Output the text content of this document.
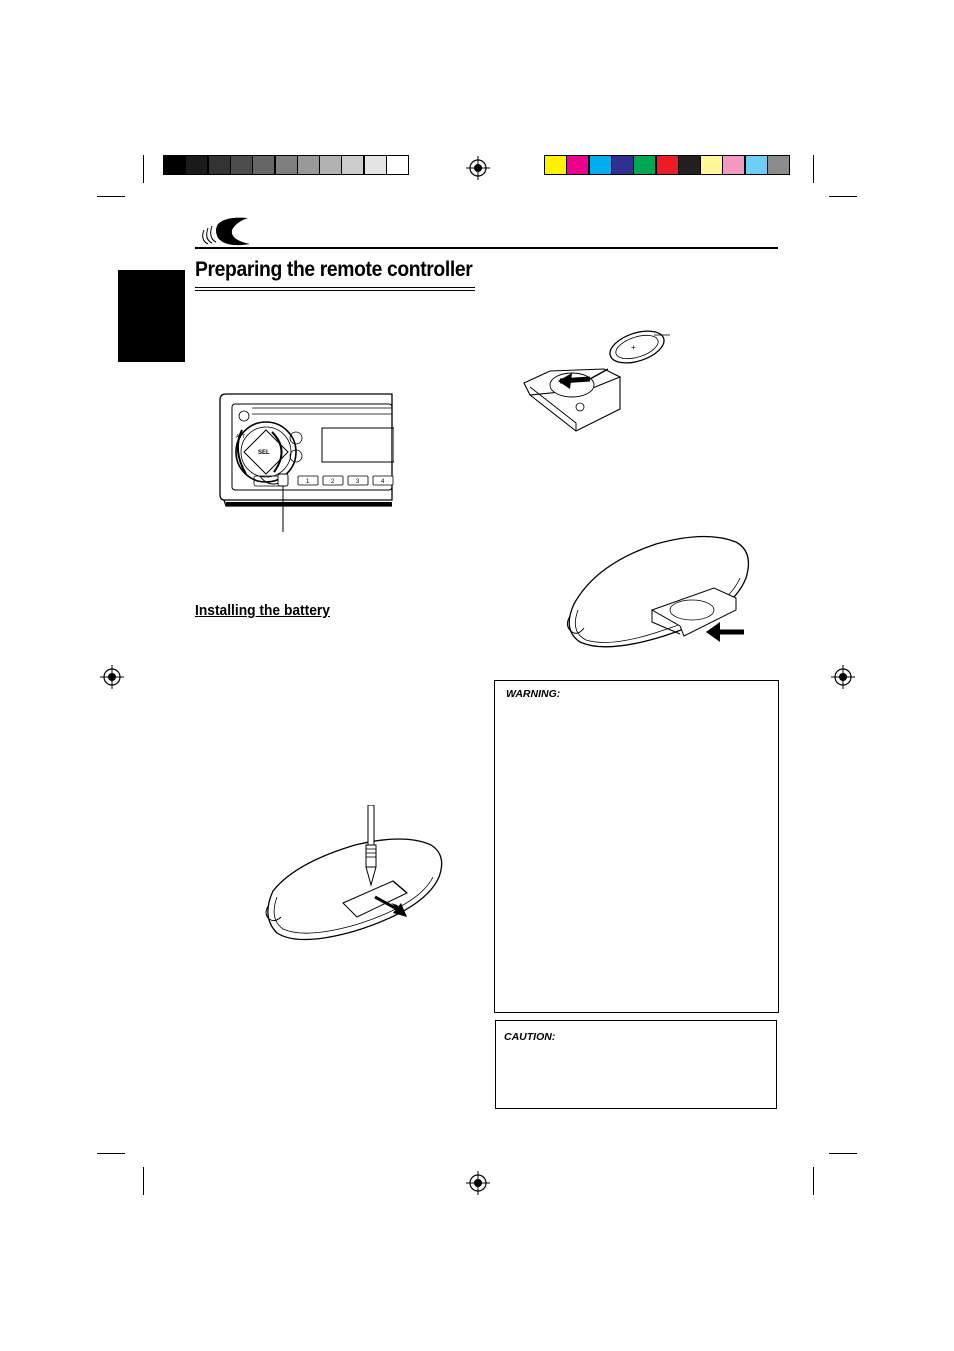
Preparing the remote controller
ATT
SEL
1	2	3	4
Installing the battery
+
WARNING:
CAUTION:
